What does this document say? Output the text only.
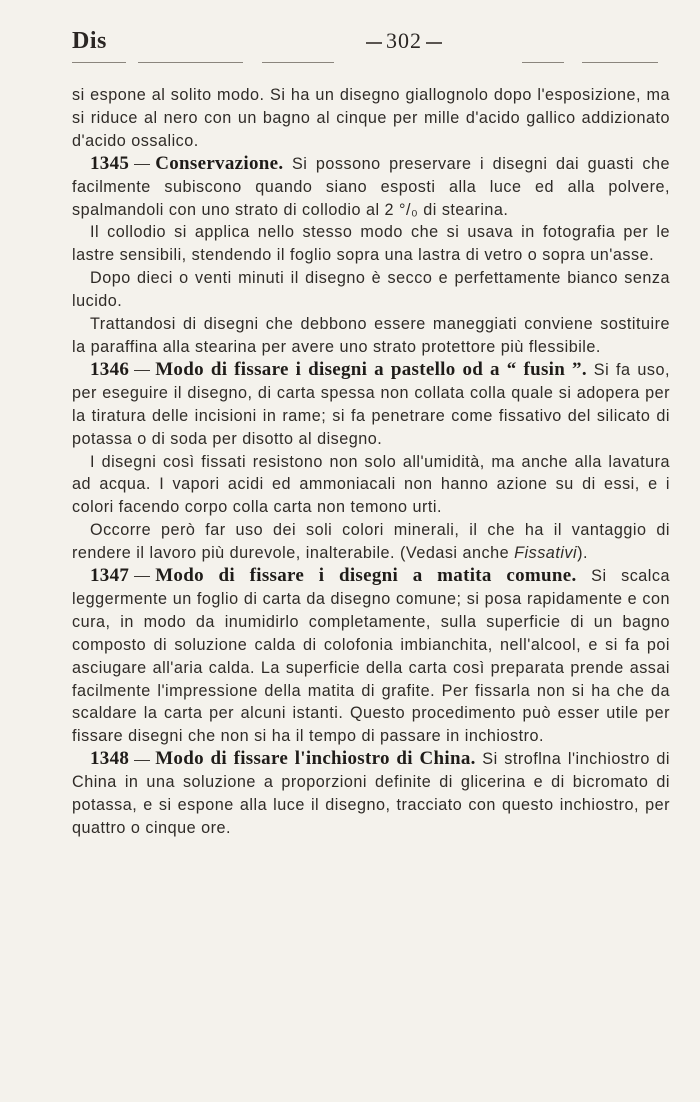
Dis	302

si espone al solito modo. Si ha un disegno giallognolo dopo l'esposizione, ma si riduce al nero con un bagno al cinque per mille d'acido gallico addizionato d'acido ossalico.

1345 Conservazione. Si possono preservare i disegni dai guasti che facilmente subiscono quando siano esposti alla luce ed alla polvere, spalmandoli con uno strato di collodio al 2 °/₀ di stearina.

Il collodio si applica nello stesso modo che si usava in fotografia per le lastre sensibili, stendendo il foglio sopra una lastra di vetro o sopra un'asse.

Dopo dieci o venti minuti il disegno è secco e perfettamente bianco senza lucido.

Trattandosi di disegni che debbono essere maneggiati conviene sostituire la paraffina alla stearina per avere uno strato protettore più flessibile.

1346 Modo di fissare i disegni a pastello od a “ fusin ”. Si fa uso, per eseguire il disegno, di carta spessa non collata colla quale si adopera per la tiratura delle incisioni in rame; si fa penetrare come fissativo del silicato di potassa o di soda per disotto al disegno.

I disegni così fissati resistono non solo all'umidità, ma anche alla lavatura ad acqua. I vapori acidi ed ammoniacali non hanno azione su di essi, e i colori facendo corpo colla carta non temono urti.

Occorre però far uso dei soli colori minerali, il che ha il vantaggio di rendere il lavoro più durevole, inalterabile. (Vedasi anche Fissativi).

1347 Modo di fissare i disegni a matita comune. Si scalca leggermente un foglio di carta da disegno comune; si posa rapidamente e con cura, in modo da inumidirlo completamente, sulla superficie di un bagno composto di soluzione calda di colofonia imbianchita, nell'alcool, e si fa poi asciugare all'aria calda. La superficie della carta così preparata prende assai facilmente l'impressione della matita di grafite. Per fissarla non si ha che da scaldare la carta per alcuni istanti. Questo procedimento può esser utile per fissare disegni che non si ha il tempo di passare in inchiostro.

1348 Modo di fissare l'inchiostro di China. Si stroflna l'inchiostro di China in una soluzione a proporzioni definite di glicerina e di bicromato di potassa, e si espone alla luce il disegno, tracciato con questo inchiostro, per quattro o cinque ore.
